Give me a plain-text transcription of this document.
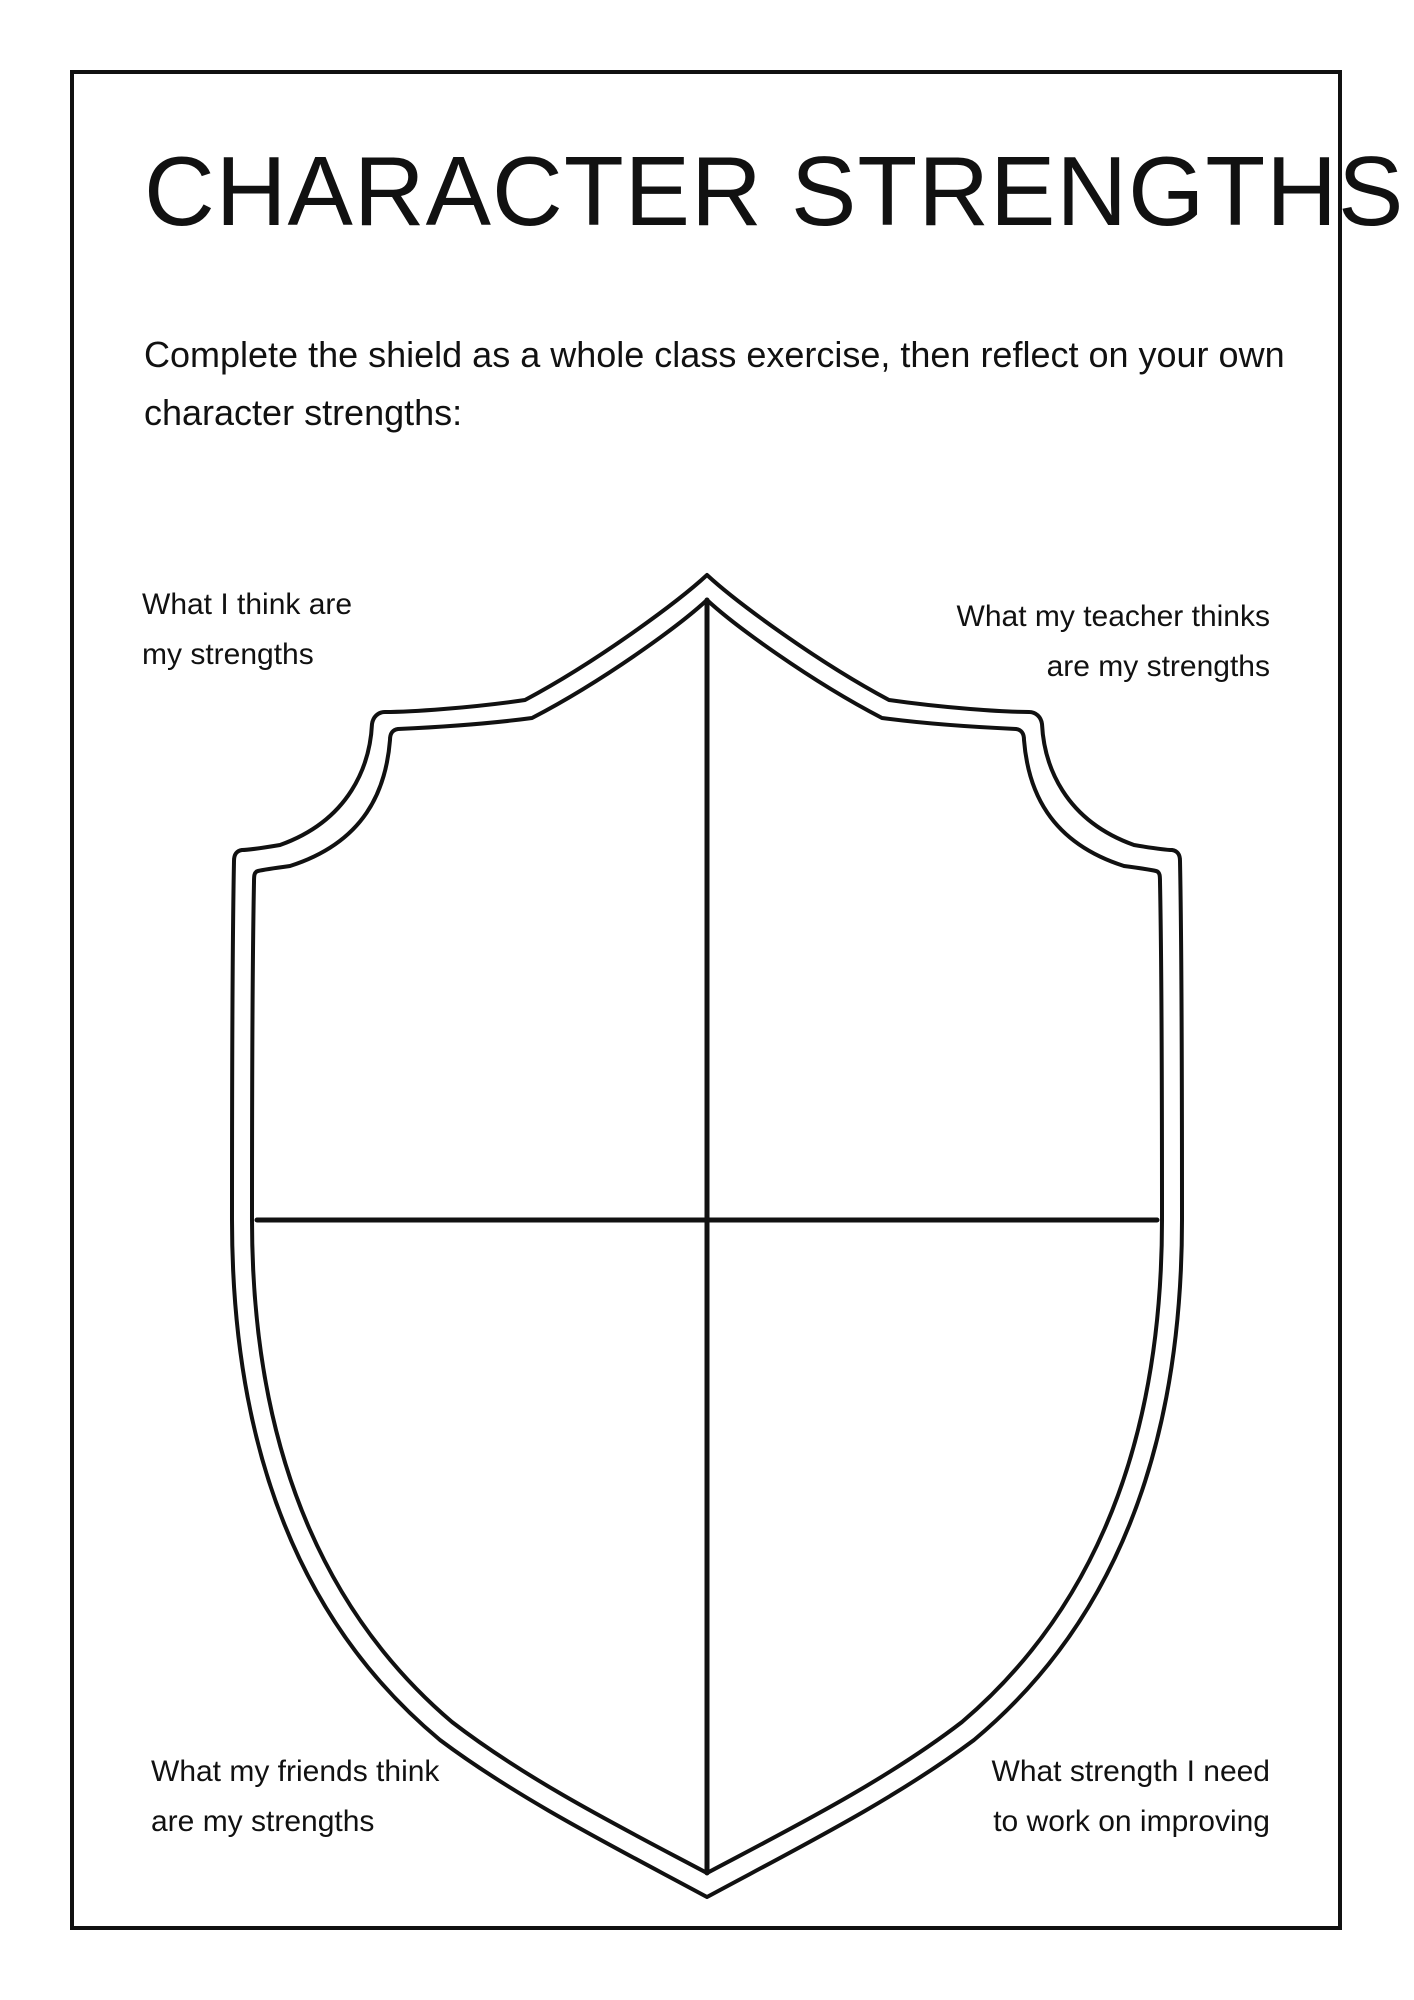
CHARACTER STRENGTHS

Complete the shield as a whole class exercise, then reflect on your own character strengths:

What I think are
my strengths
What my teacher thinks
are my strengths
What my friends think
are my strengths
What strength I need
to work on improving
